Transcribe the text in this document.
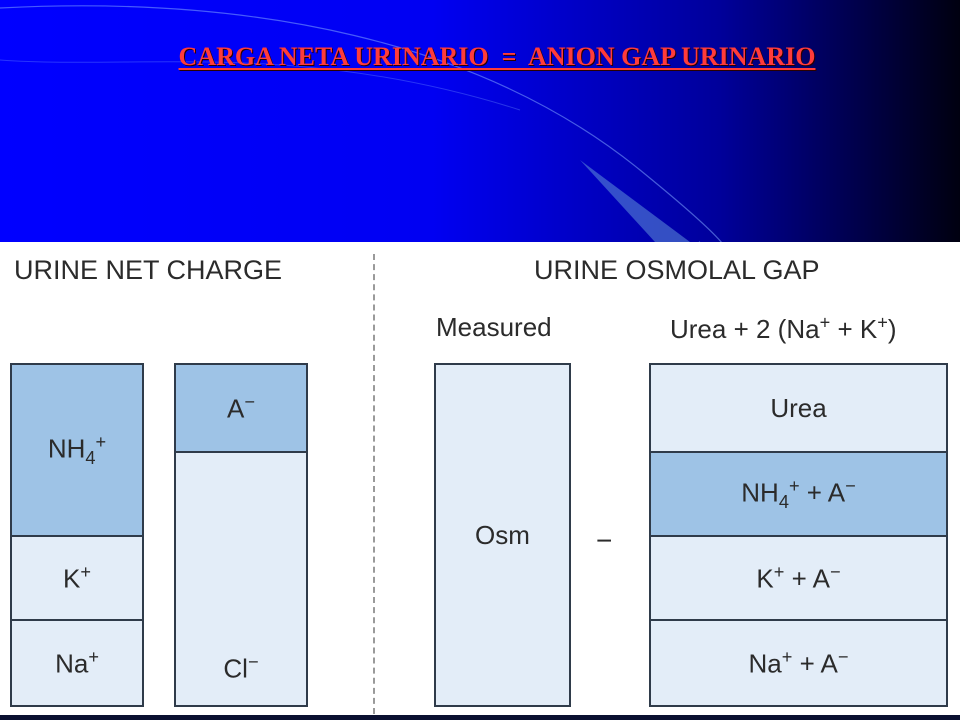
CARGA NETA URINARIO  =  ANION GAP URINARIO
URINE NET CHARGE
$NH_4^+$
K+
Na+
A−
Cl−
URINE OSMOLAL GAP
Measured	Urea + 2 (Na+ + K+)
Osm −
Urea
$NH_4^+ + A^-$
K+ + A−
Na+ + A−
